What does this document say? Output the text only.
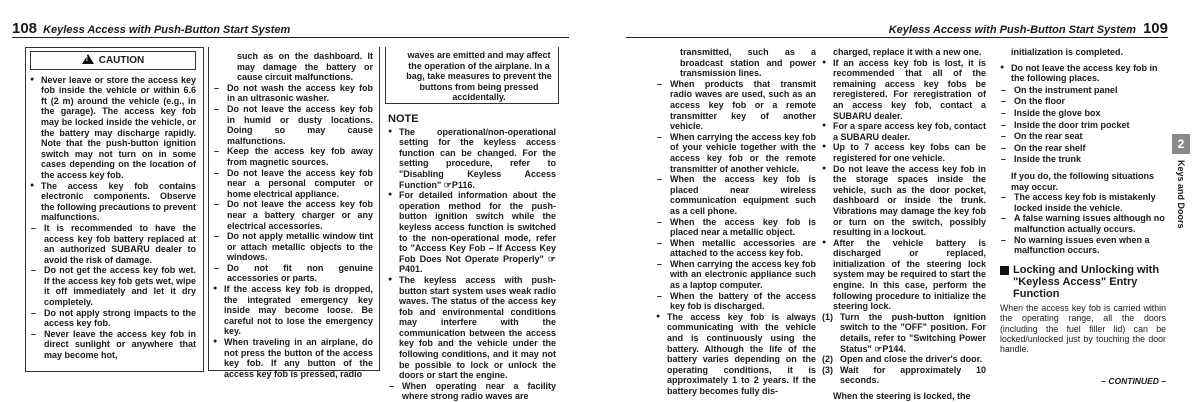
108 Keyless Access with Push-Button Start System	Keyless Access with Push-Button Start System 109
2
Keys and Doors
!CAUTION
● Never leave or store the access key fob inside the vehicle or within 6.6 ft (2 m) around the vehicle (e.g., in the garage). The access key fob may be locked inside the vehicle, or the battery may discharge rapidly. Note that the push-button ignition switch may not turn on in some cases depending on the location of the access key fob.
● The access key fob contains electronic components. Observe the following precautions to prevent malfunctions.
– It is recommended to have the access key fob battery replaced at an authorized SUBARU dealer to avoid the risk of damage.
– Do not get the access key fob wet. If the access key fob gets wet, wipe it off immediately and let it dry completely.
– Do not apply strong impacts to the access key fob.
– Never leave the access key fob in direct sunlight or anywhere that may become hot,
such as on the dashboard. It may damage the battery or cause circuit malfunctions.
– Do not wash the access key fob in an ultrasonic washer.
– Do not leave the access key fob in humid or dusty locations. Doing so may cause malfunctions.
– Keep the access key fob away from magnetic sources.
– Do not leave the access key fob near a personal computer or home electrical appliance.
– Do not leave the access key fob near a battery charger or any electrical accessories.
– Do not apply metallic window tint or attach metallic objects to the windows.
– Do not fit non genuine accessories or parts.
● If the access key fob is dropped, the integrated emergency key inside may become loose. Be careful not to lose the emergency key.
● When traveling in an airplane, do not press the button of the access key fob. If any button of the access key fob is pressed, radio
waves are emitted and may affect the operation of the airplane. In a bag, take measures to prevent the buttons from being pressed accidentally.
NOTE
● The operational/non-operational setting for the keyless access function can be changed. For the setting procedure, refer to "Disabling Keyless Access Function" ☞P116.
● For detailed information about the operation method for the push-button ignition switch while the keyless access function is switched to the non-operational mode, refer to "Access Key Fob – If Access Key Fob Does Not Operate Properly" ☞P401.
● The keyless access with push-button start system uses weak radio waves. The status of the access key fob and environmental conditions may interfere with the communication between the access key fob and the vehicle under the following conditions, and it may not be possible to lock or unlock the doors or start the engine.
– When operating near a facility where strong radio waves are
transmitted, such as a broadcast station and power transmission lines.
– When products that transmit radio waves are used, such as an access key fob or a remote transmitter key of another vehicle.
– When carrying the access key fob of your vehicle together with the access key fob or the remote transmitter of another vehicle.
– When the access key fob is placed near wireless communication equipment such as a cell phone.
– When the access key fob is placed near a metallic object.
– When metallic accessories are attached to the access key fob.
– When carrying the access key fob with an electronic appliance such as a laptop computer.
– When the battery of the access key fob is discharged.
● The access key fob is always communicating with the vehicle and is continuously using the battery. Although the life of the battery varies depending on the operating conditions, it is approximately 1 to 2 years. If the battery becomes fully dis-
charged, replace it with a new one.
● If an access key fob is lost, it is recommended that all of the remaining access key fobs be reregistered. For reregistration of an access key fob, contact a SUBARU dealer.
● For a spare access key fob, contact a SUBARU dealer.
● Up to 7 access key fobs can be registered for one vehicle.
● Do not leave the access key fob in the storage spaces inside the vehicle, such as the door pocket, dashboard or inside the trunk. Vibrations may damage the key fob or turn on the switch, possibly resulting in a lockout.
● After the vehicle battery is discharged or replaced, initialization of the steering lock system may be required to start the engine. In this case, perform the following procedure to initialize the steering lock.
(1) Turn the push-button ignition switch to the "OFF" position. For details, refer to "Switching Power Status" ☞P144.
(2) Open and close the driver's door.
(3) Wait for approximately 10 seconds.
When the steering is locked, the
initialization is completed.
● Do not leave the access key fob in the following places.
– On the instrument panel
– On the floor
– Inside the glove box
– Inside the door trim pocket
– On the rear seat
– On the rear shelf
– Inside the trunk
If you do, the following situations may occur.
– The access key fob is mistakenly locked inside the vehicle.
– A false warning issues although no malfunction actually occurs.
– No warning issues even when a malfunction occurs.
Locking and Unlocking with "Keyless Access" Entry Function
When the access key fob is carried within the operating range, all the doors (including the fuel filler lid) can be locked/unlocked just by touching the door handle.
– CONTINUED –
